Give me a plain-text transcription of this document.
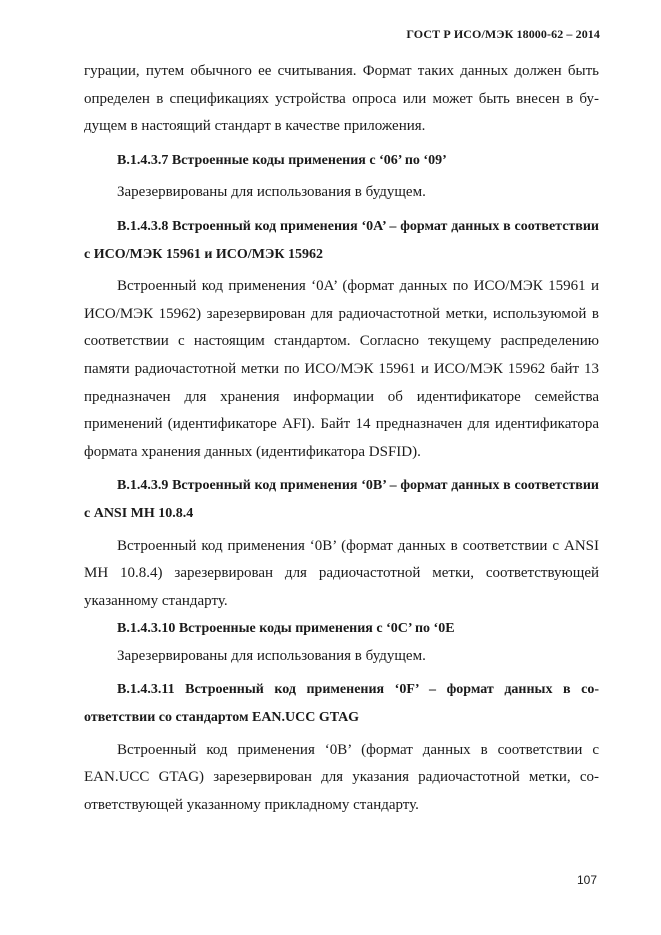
ГОСТ Р ИСО/МЭК 18000-62 – 2014

гурации, путем обычного ее считывания. Формат таких данных должен быть определен в спецификациях устройства опроса или может быть внесен в будущем в настоящий стандарт в качестве приложения.

В.1.4.3.7 Встроенные коды применения с ‘06’ по ‘09’

Зарезервированы для использования в будущем.

В.1.4.3.8 Встроенный код применения ‘0А’ – формат данных в соответствии с ИСО/МЭК 15961 и ИСО/МЭК 15962

Встроенный код применения ‘0А’ (формат данных по ИСО/МЭК 15961 и ИСО/МЭК 15962) зарезервирован для радиочастотной метки, используюмой в соответствии с настоящим стандартом. Согласно текущему распределению памяти радиочастотной метки по ИСО/МЭК 15961 и ИСО/МЭК 15962 байт 13 предназначен для хранения информации об идентификаторе семейства применений (идентификаторе AFI). Байт 14 предназначен для идентификатора формата хранения данных (идентификатора DSFID).

В.1.4.3.9 Встроенный код применения ‘0В’ – формат данных в соответствии с ANSI МН 10.8.4

Встроенный код применения ‘0В’ (формат данных в соответствии с ANSI МН 10.8.4) зарезервирован для радиочастотной метки, соответствующей указанному стандарту.

В.1.4.3.10 Встроенные коды применения с ‘0С’ по ‘0Е

Зарезервированы для использования в будущем.

В.1.4.3.11 Встроенный код применения ‘0F’ – формат данных в соответствии со стандартом EAN.UCC GTAG

Встроенный код применения ‘0В’ (формат данных в соответствии с EAN.UCC GTAG) зарезервирован для указания радиочастотной метки, соответствующей указанному прикладному стандарту.

107
